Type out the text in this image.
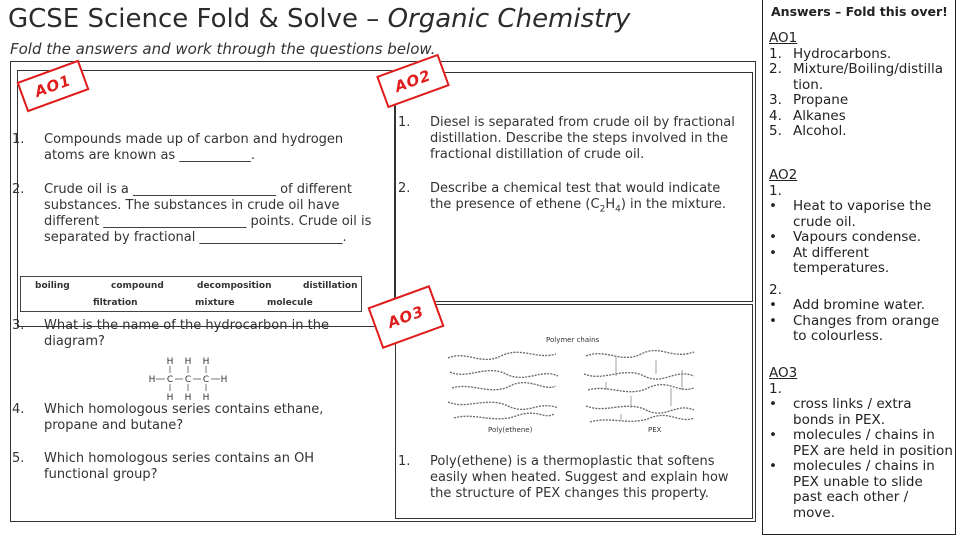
GCSE Science Fold & Solve – Organic Chemistry
Fold the answers and work through the questions below.
AO1	AO2
AO3
1. Compounds made up of carbon and hydrogen atoms are known as ___________.
2. Crude oil is a ______________________ of different substances. The substances in crude oil have different ______________________ points. Crude oil is separated by fractional ______________________.
boiling	compound	decomposition	distillation
filtration	mixture	molecule
3. What is the name of the hydrocarbon in the diagram?
H H H
H C C C H
H H H
4. Which homologous series contains ethane, propane and butane?
5. Which homologous series contains an OH functional group?
1. Diesel is separated from crude oil by fractional distillation. Describe the steps involved in the fractional distillation of crude oil.
2. Describe a chemical test that would indicate the presence of ethene $(C_2H_4)$ in the mixture.
Polymer chains
Poly(ethene)	PEX
1. Poly(ethene) is a thermoplastic that softens easily when heated. Suggest and explain how the structure of PEX changes this property.
Answers – Fold this over!
AO1
1. Hydrocarbons.
2. Mixture/Boiling/distilla tion.
3. Propane
4. Alkanes
5. Alcohol.
AO2
1.
• Heat to vaporise the crude oil.
• Vapours condense.
• At different temperatures.
2.
• Add bromine water.
• Changes from orange to colourless.
AO3
1.
• cross links / extra bonds in PEX.
• molecules / chains in PEX are held in position
• molecules / chains in PEX unable to slide past each other / move.
